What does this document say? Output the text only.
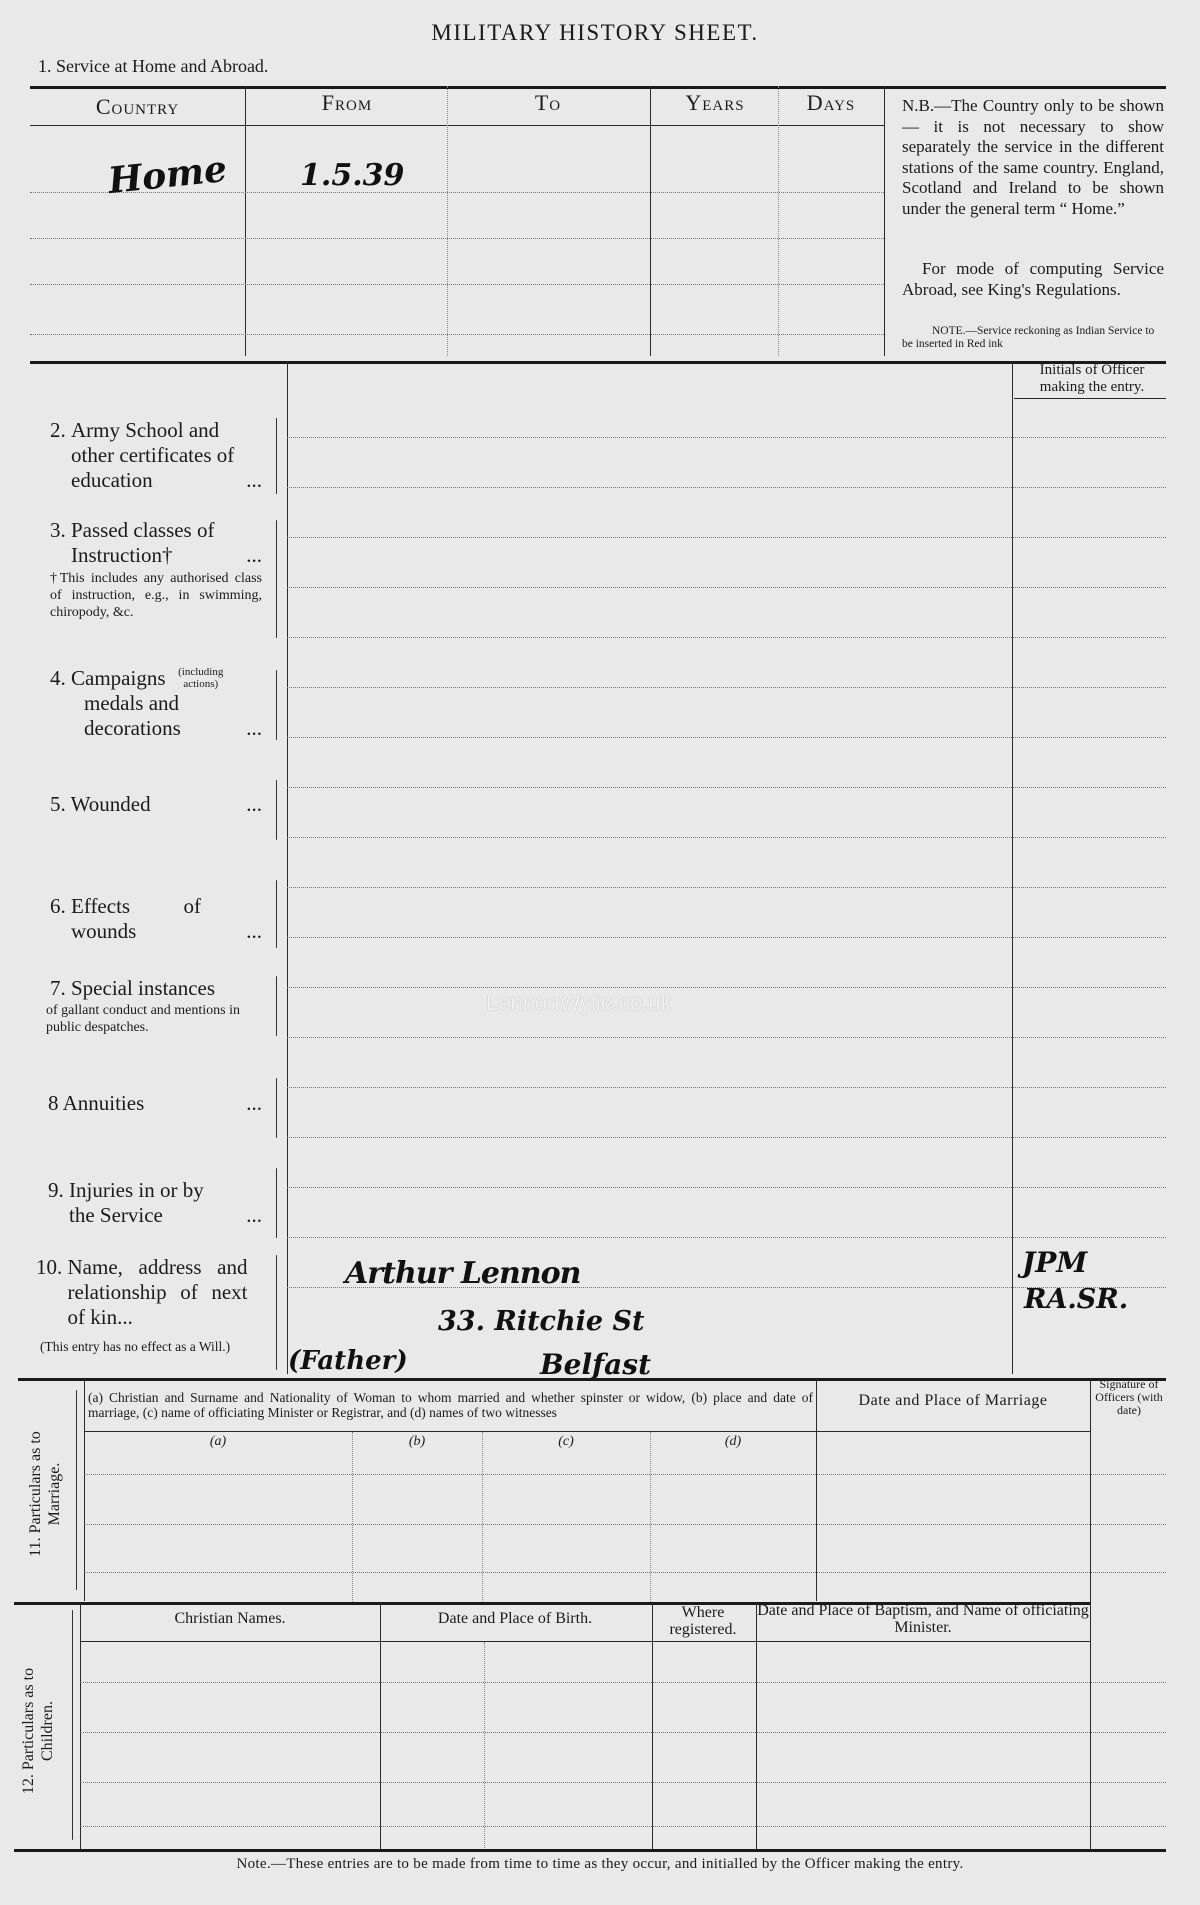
MILITARY HISTORY SHEET.
1. Service at Home and Abroad.
Country	From	To	Years	Days
Home 1.5.39
N.B.—The Country only to be shown — it is not necessary to show separately the service in the different stations of the same country. England, Scotland and Ireland to be shown under the general term “ Home.”
For mode of computing Service Abroad, see King's Regulations.
NOTE.—Service reckoning as Indian Service to be inserted in Red ink
Initials of Officer making the entry.
2. Army School and other certificates of education	...
3. Passed classes of Instruction†	...
†This includes any authorised class of instruction, e.g., in swimming, chiropody, &c.
4. Campaigns (including actions)
medals and decorations	...
5. Wounded	...
6. Effects of wounds	...
7. Special instances
of gallant conduct and mentions in public despatches.
8 Annuities	...
9. Injuries in or by the Service	...
10. Name, address and relationship of next of kin...
(This entry has no effect as a Will.)
Arthur Lennon
33. Ritchie St
(Father)	Belfast
JPM
RA.SR.
LennonWylie.co.uk
11. Particulars as to Marriage.
(a) Christian and Surname and Nationality of Woman to whom married and whether spinster or widow, (b) place and date of marriage, (c) name of officiating Minister or Registrar, and (d) names of two witnesses
(a)	(b)	(c)	(d)
Date and Place of Marriage
Signature of Officers (with date)
12. Particulars as to Children.
Christian Names.	Date and Place of Birth.	Where registered.
Date and Place of Baptism, and Name of officiating Minister.
Note.—These entries are to be made from time to time as they occur, and initialled by the Officer making the entry.
